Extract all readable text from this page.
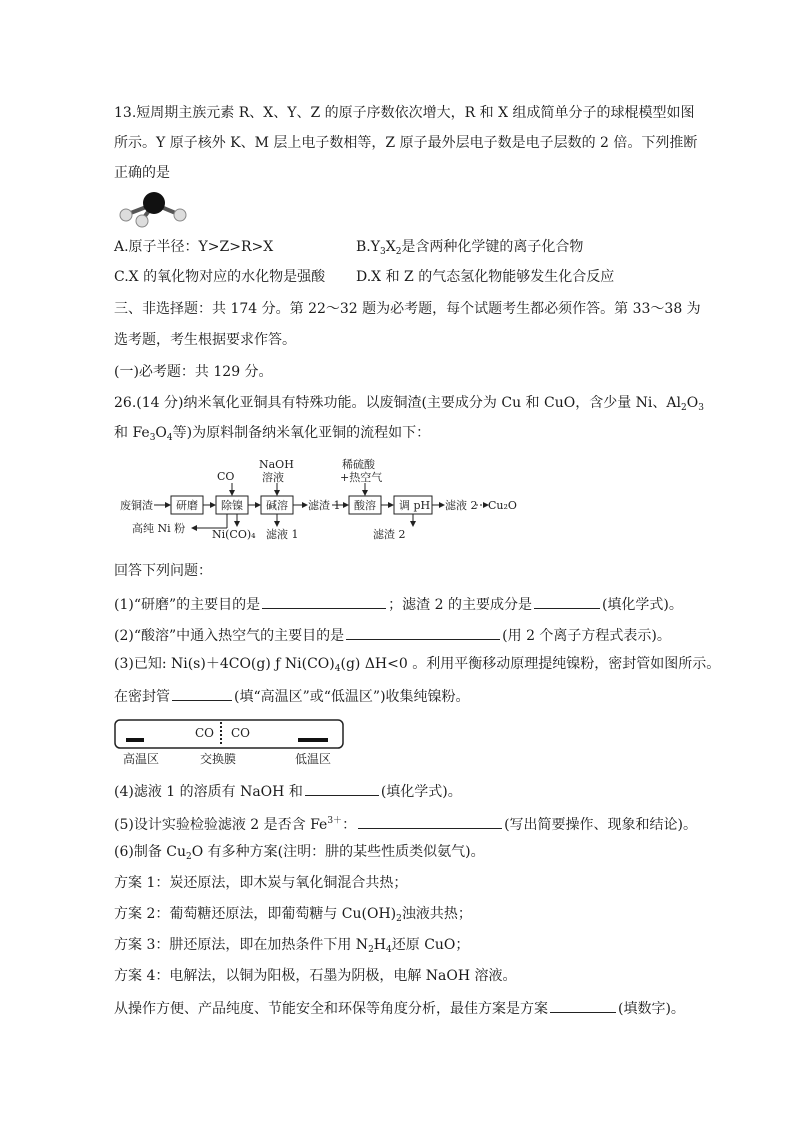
13.短周期主族元素 R、X、Y、Z 的原子序数依次增大，R 和 X 组成简单分子的球棍模型如图
所示。Y 原子核外 K、M 层上电子数相等，Z 原子最外层电子数是电子层数的 2 倍。下列推断
正确的是
A.原子半径：Y>Z>R>X	$B.Y_3X_2$是含两种化学键的离子化合物
C.X 的氧化物对应的水化物是强酸 D.X 和 Z 的气态氢化物能够发生化合反应
三、非选择题：共 174 分。第 22～32 题为必考题，每个试题考生都必须作答。第 33～38 为
选考题，考生根据要求作答。
(一)必考题：共 129 分。
26.(14 分)纳米氧化亚铜具有特殊功能。以废铜渣(主要成分为 Cu 和 CuO，含少量 Ni、$Al_2O_3$
和 $Fe_3O_4$等)为原料制备纳米氧化亚铜的流程如下：
废铜渣 研磨 除镍 碱溶 滤渣 1 酸溶 调 pH 滤液 2 Cu₂O
CO
NaOH
溶液
稀硫酸
+热空气
高纯 Ni 粉 Ni(CO)₄ 滤液 1	滤渣 2
回答下列问题：
(1)“研磨”的主要目的是	；滤渣 2 的主要成分是	(填化学式)。
(2)“酸溶”中通入热空气的主要目的是	(用 2 个离子方程式表示)。
(3)已知: Ni(s)＋4CO(g) ƒ $Ni(CO)_4(g)$ ΔH<0 。利用平衡移动原理提纯镍粉，密封管如图所示。
在密封管	(填“高温区”或“低温区”)收集纯镍粉。
CO CO
高温区	交换膜	低温区
(4)滤液 1 的溶质有 NaOH 和	(填化学式)。
(5)设计实验检验滤液 2 是否含 $Fe^{3+}$：	(写出简要操作、现象和结论)。
(6)制备 $Cu_2O$ 有多种方案(注明：肼的某些性质类似氨气)。
方案 1：炭还原法，即木炭与氧化铜混合共热；
方案 2：葡萄糖还原法，即葡萄糖与 $Cu(OH)_2$浊液共热；
方案 3：肼还原法，即在加热条件下用 $N_2H_4$还原 CuO；
方案 4：电解法，以铜为阳极，石墨为阴极，电解 NaOH 溶液。
从操作方便、产品纯度、节能安全和环保等角度分析，最佳方案是方案	(填数字)。
